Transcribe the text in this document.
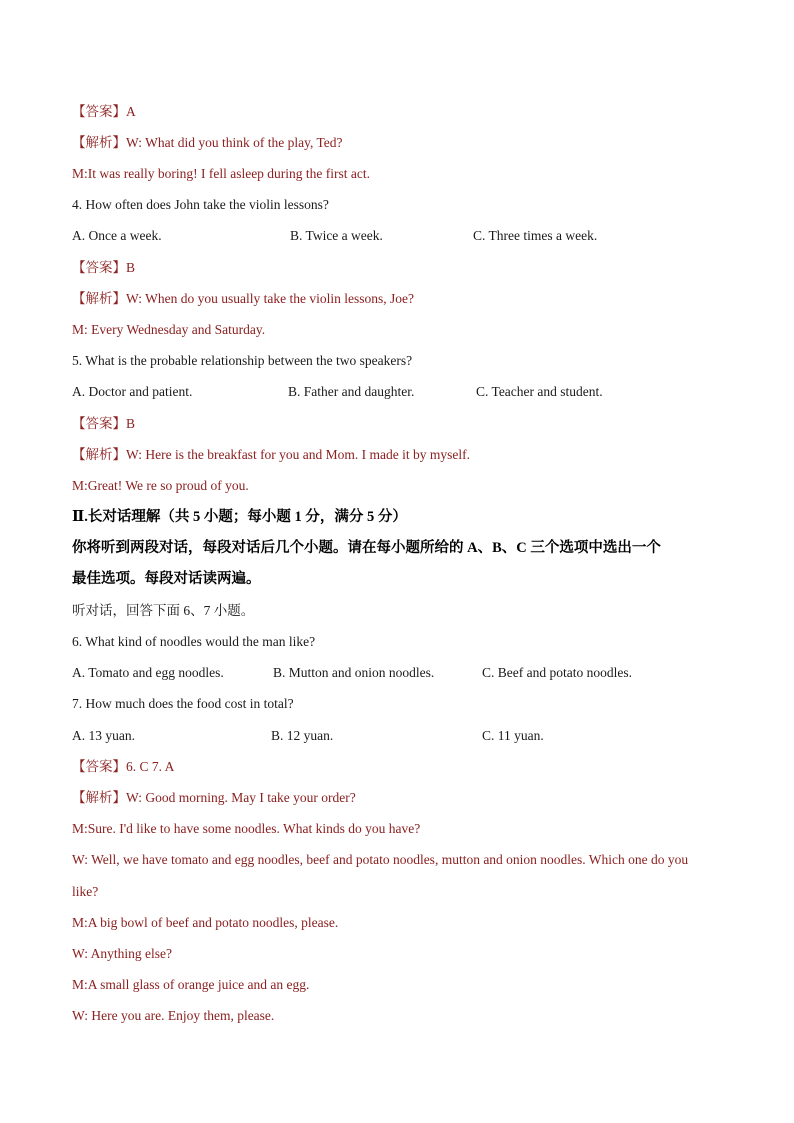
【答案】A
【解析】W: What did you think of the play, Ted?
M:It was really boring! I fell asleep during the first act.
4. How often does John take the violin lessons?
A. Once a week.	B. Twice a week.	C. Three times a week.
【答案】B
【解析】W: When do you usually take the violin lessons, Joe?
M: Every Wednesday and Saturday.
5. What is the probable relationship between the two speakers?
A. Doctor and patient.	B. Father and daughter.	C. Teacher and student.
【答案】B
【解析】W: Here is the breakfast for you and Mom. I made it by myself.
M:Great! We re so proud of you.
Ⅱ.长对话理解（共 5 小题；每小题 1 分，满分 5 分）
你将听到两段对话，每段对话后几个小题。请在每小题所给的 A、B、C 三个选项中选出一个
最佳选项。每段对话读两遍。
听对话，回答下面 6、7 小题。
6. What kind of noodles would the man like?
A. Tomato and egg noodles.	B. Mutton and onion noodles.	C. Beef and potato noodles.
7. How much does the food cost in total?
A. 13 yuan.	B. 12 yuan.	C. 11 yuan.
【答案】6. C 7. A
【解析】W: Good morning. May I take your order?
M:Sure. I'd like to have some noodles. What kinds do you have?
W: Well, we have tomato and egg noodles, beef and potato noodles, mutton and onion noodles. Which one do you
like?
M:A big bowl of beef and potato noodles, please.
W: Anything else?
M:A small glass of orange juice and an egg.
W: Here you are. Enjoy them, please.
